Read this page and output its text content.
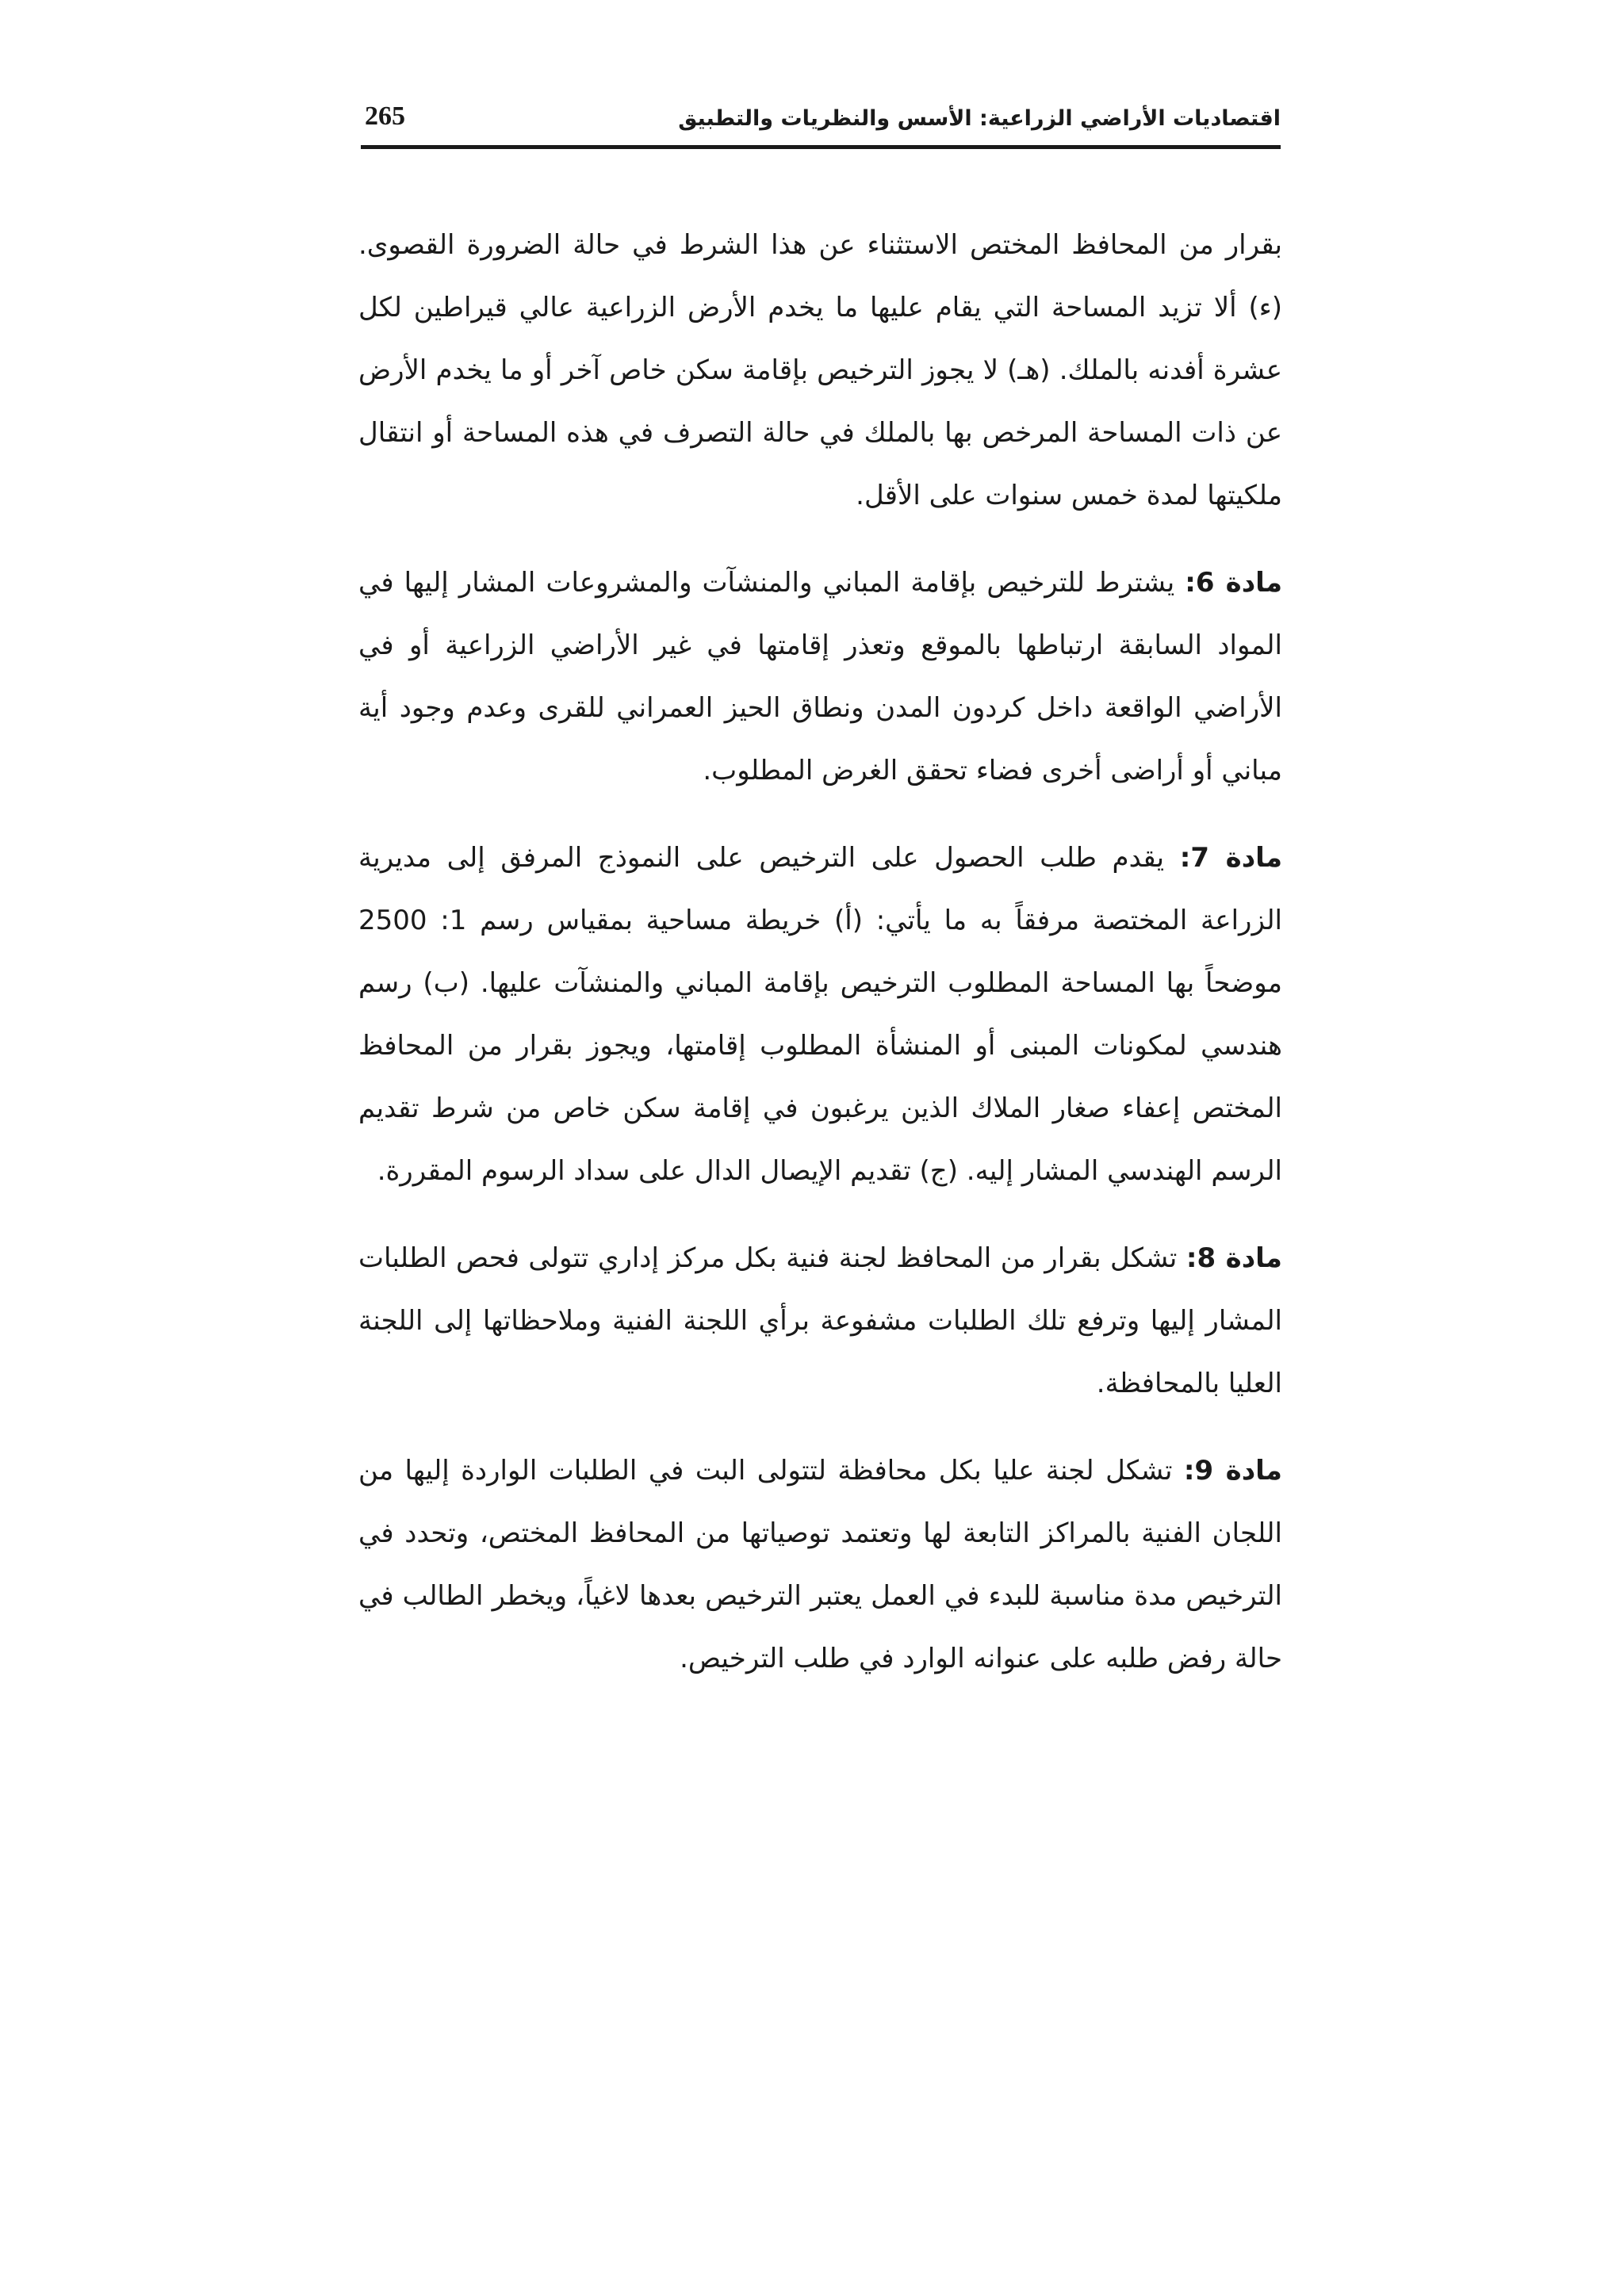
اقتصاديات الأراضي الزراعية: الأسس والنظريات والتطبيق
265

بقرار من المحافظ المختص الاستثناء عن هذا الشرط في حالة الضرورة القصوى. (ء) ألا تزيد المساحة التي يقام عليها ما يخدم الأرض الزراعية عالي قيراطين لكل عشرة أفدنه بالملك. (هـ) لا يجوز الترخيص بإقامة سكن خاص آخر أو ما يخدم الأرض عن ذات المساحة المرخص بها بالملك في حالة التصرف في هذه المساحة أو انتقال ملكيتها لمدة خمس سنوات على الأقل.

مادة 6: يشترط للترخيص بإقامة المباني والمنشآت والمشروعات المشار إليها في المواد السابقة ارتباطها بالموقع وتعذر إقامتها في غير الأراضي الزراعية أو في الأراضي الواقعة داخل كردون المدن ونطاق الحيز العمراني للقرى وعدم وجود أية مباني أو أراضى أخرى فضاء تحقق الغرض المطلوب.

مادة 7: يقدم طلب الحصول على الترخيص على النموذج المرفق إلى مديرية الزراعة المختصة مرفقاً به ما يأتي: (أ) خريطة مساحية بمقياس رسم 1: 2500 موضحاً بها المساحة المطلوب الترخيص بإقامة المباني والمنشآت عليها. (ب) رسم هندسي لمكونات المبنى أو المنشأة المطلوب إقامتها، ويجوز بقرار من المحافظ المختص إعفاء صغار الملاك الذين يرغبون في إقامة سكن خاص من شرط تقديم الرسم الهندسي المشار إليه. (ج) تقديم الإيصال الدال على سداد الرسوم المقررة.

مادة 8: تشكل بقرار من المحافظ لجنة فنية بكل مركز إداري تتولى فحص الطلبات المشار إليها وترفع تلك الطلبات مشفوعة برأي اللجنة الفنية وملاحظاتها إلى اللجنة العليا بالمحافظة.

مادة 9: تشكل لجنة عليا بكل محافظة لتتولى البت في الطلبات الواردة إليها من اللجان الفنية بالمراكز التابعة لها وتعتمد توصياتها من المحافظ المختص، وتحدد في الترخيص مدة مناسبة للبدء في العمل يعتبر الترخيص بعدها لاغياً، ويخطر الطالب في حالة رفض طلبه على عنوانه الوارد في طلب الترخيص.
